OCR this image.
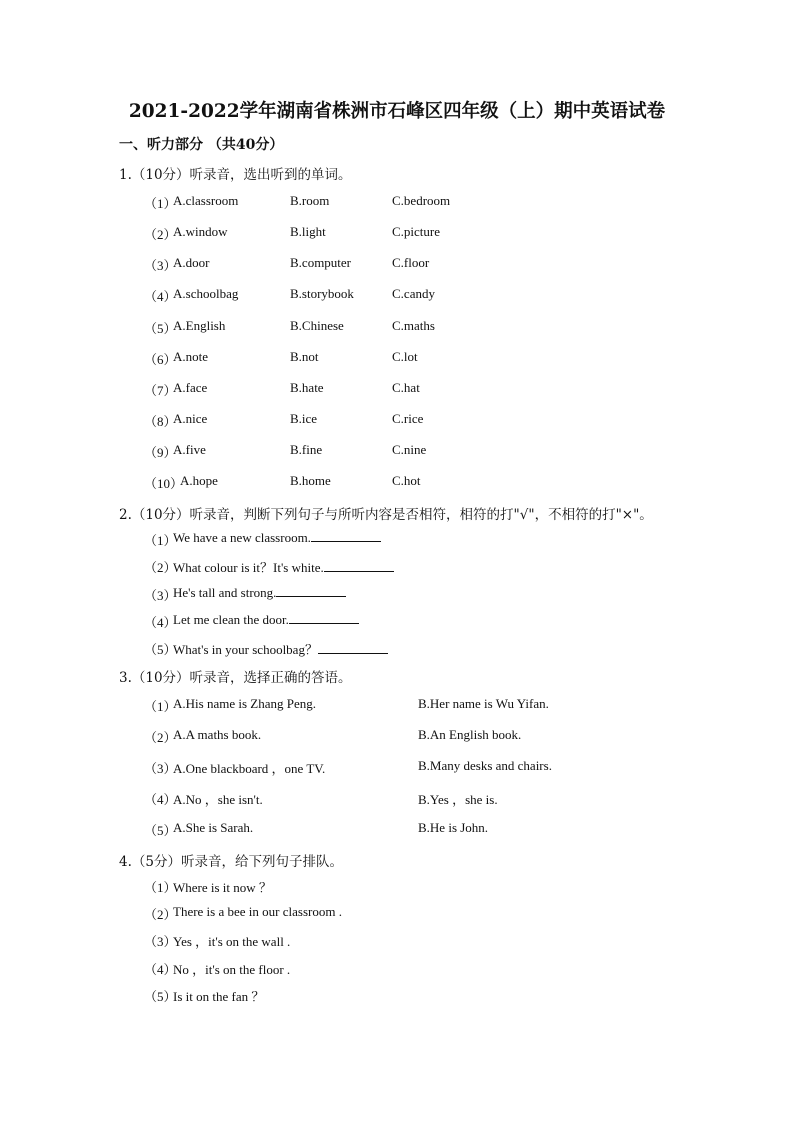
2021-2022学年湖南省株洲市石峰区四年级（上）期中英语试卷
一、听力部分 （共40分）
1.（10分）听录音，选出听到的单词。
（1）
A.classroom	B.room	C.bedroom
（2）
A.window	B.light	C.picture
（3）
A.door	B.computer	C.floor
（4）
A.schoolbag	B.storybook	C.candy
（5）
A.English	B.Chinese	C.maths
（6）
A.note	B.not	C.lot
（7）
A.face	B.hate	C.hat
（8）
A.nice	B.ice	C.rice
（9）
A.five	B.fine	C.nine
（10）
A.hope	B.home	C.hot
2.（10分）听录音，判断下列句子与所听内容是否相符，相符的打"√"，不相符的打"×"。
（1）
We have a new classroom.
（2）
What colour is it？It's white.
（3）
He's tall and strong.
（4）
Let me clean the door.
（5）
What's in your schoolbag？
3.（10分）听录音，选择正确的答语。
（1）
A.His name is Zhang Peng.	B.Her name is Wu Yifan.
（2）
A.A maths book.	B.An English book.
（3）
A.One blackboard ，one TV.	B.Many desks and chairs.
（4）
A.No ，she isn't.	B.Yes ，she is.
（5）
A.She is Sarah.	B.He is John.
4.（5分）听录音，给下列句子排队。
（1）
Where is it now ？
（2）
There is a bee in our classroom .
（3）
Yes ，it's on the wall .
（4）
No ，it's on the floor .
（5）
Is it on the fan ？
